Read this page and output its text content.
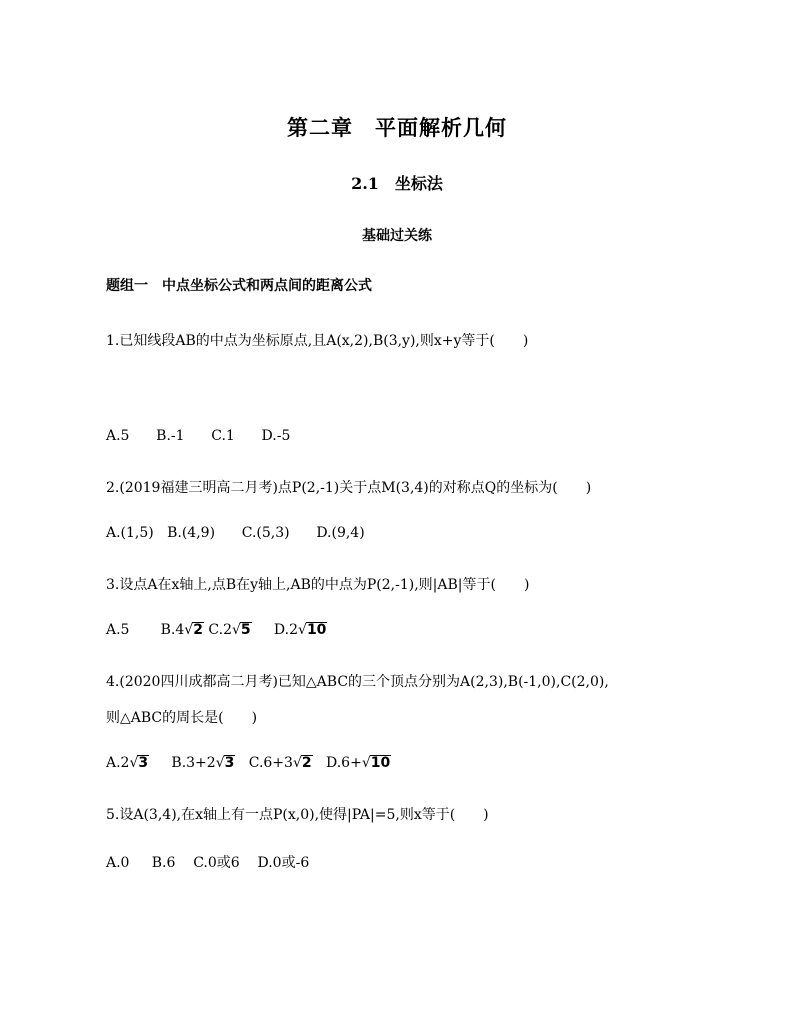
第二章　平面解析几何
2.1　坐标法
基础过关练
题组一　中点坐标公式和两点间的距离公式
1.已知线段AB的中点为坐标原点,且A(x,2),B(3,y),则x+y等于(　　)
A.5 B.-1 C.1 D.-5
2.(2019福建三明高二月考)点P(2,-1)关于点M(3,4)的对称点Q的坐标为(　　)
A.(1,5) B.(4,9) C.(5,3) D.(9,4)
3.设点A在x轴上,点B在y轴上,AB的中点为P(2,-1),则|AB|等于(　　)
A.5 B.4√2 C.2√5 D.2√10
4.(2020四川成都高二月考)已知△ABC的三个顶点分别为A(2,3),B(-1,0),C(2,0),
则△ABC的周长是(　　)
A.2√3 B.3+2√3 C.6+3√2 D.6+√10
5.设A(3,4),在x轴上有一点P(x,0),使得|PA|=5,则x等于(　　)
A.0 B.6 C.0或6 D.0或-6
